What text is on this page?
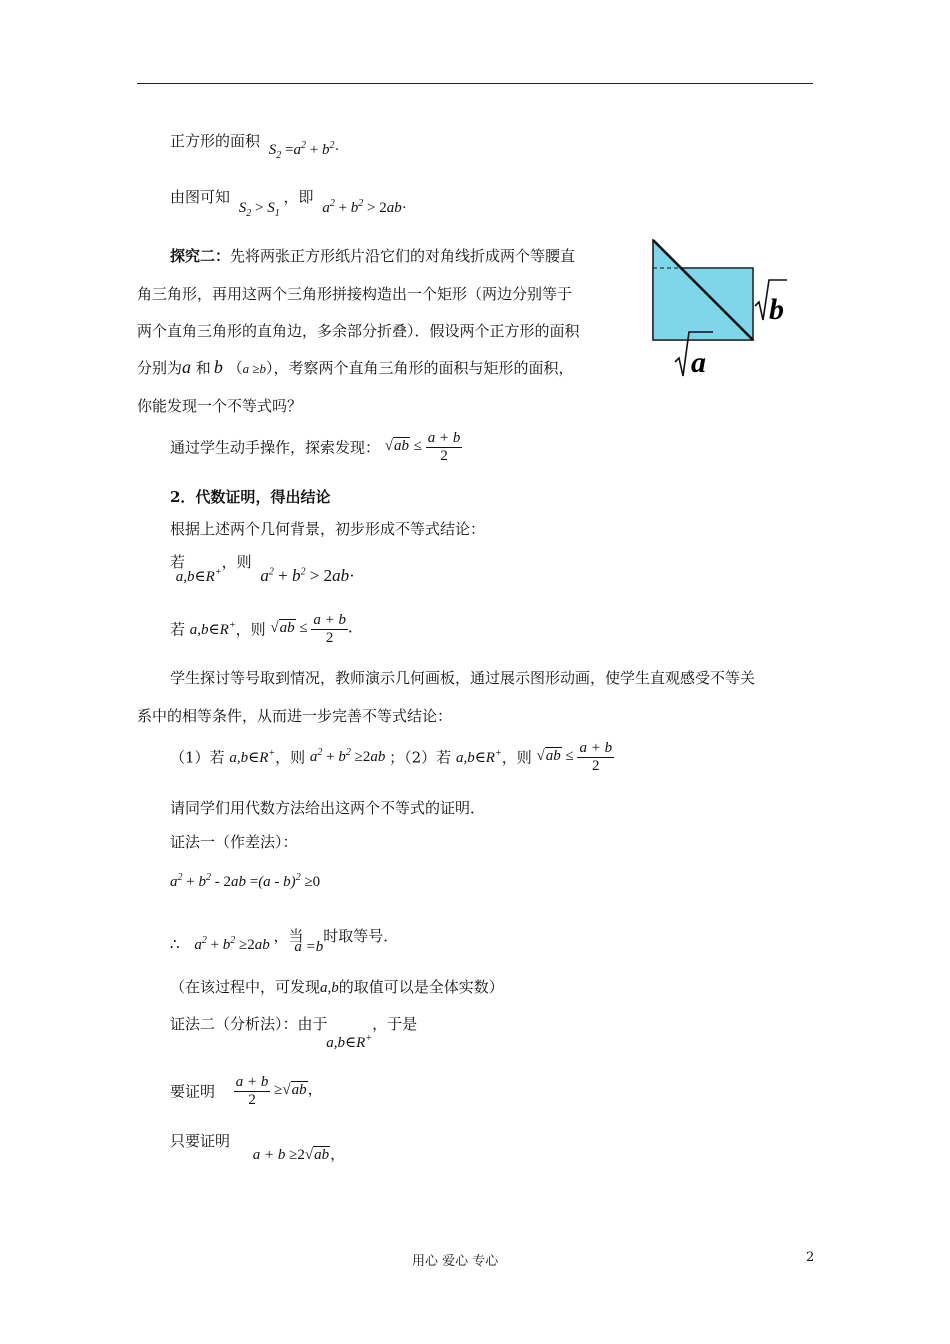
正方形的面积 $S_2 =a^2 + b^2\cdot$
由图可知 $S_2 > S_1$ ，即 $a^2 + b^2 > 2ab\cdot$
探究二：先将两张正方形纸片沿它们的对角线折成两个等腰直
角三角形，再用这两个三角形拼接构造出一个矩形（两边分别等于
两个直角三角形的直角边，多余部分折叠）．假设两个正方形的面积
分别为a 和 b （a ≥b），考察两个直角三角形的面积与矩形的面积，
你能发现一个不等式吗？
b
a
通过学生动手操作，探索发现： $√ab \le \frac{a + b}{2}$
2．代数证明，得出结论
根据上述两个几何背景，初步形成不等式结论：
若 a,b∈R+，则 $a^2 + b^2 > 2ab\cdot$
若 a,b∈R+，则 $√ab \le \frac{a + b}{2}$ ．
学生探讨等号取到情况，教师演示几何画板，通过展示图形动画，使学生直观感受不等关
系中的相等条件，从而进一步完善不等式结论：
（1）若 a,b∈R+，则 $a^2 + b^2 \ge 2ab$ ；（2）若 a,b∈R+，则 $√ab \le \frac{a + b}{2}$
请同学们用代数方法给出这两个不等式的证明．
证法一（作差法）：
$a^2 + b^2 - 2ab =(a - b)^2 \ge 0$
∴ $a^2 + b^2 \ge 2ab$ ，当 a =b时取等号．
（在该过程中，可发现a,b的取值可以是全体实数）
证法二（分析法）：由于 a,b∈R+，于是
要证明 $\frac{a + b}{2} \ge√ab$，
只要证明 a + b ≥2√ab，
用心 爱心 专心	2
